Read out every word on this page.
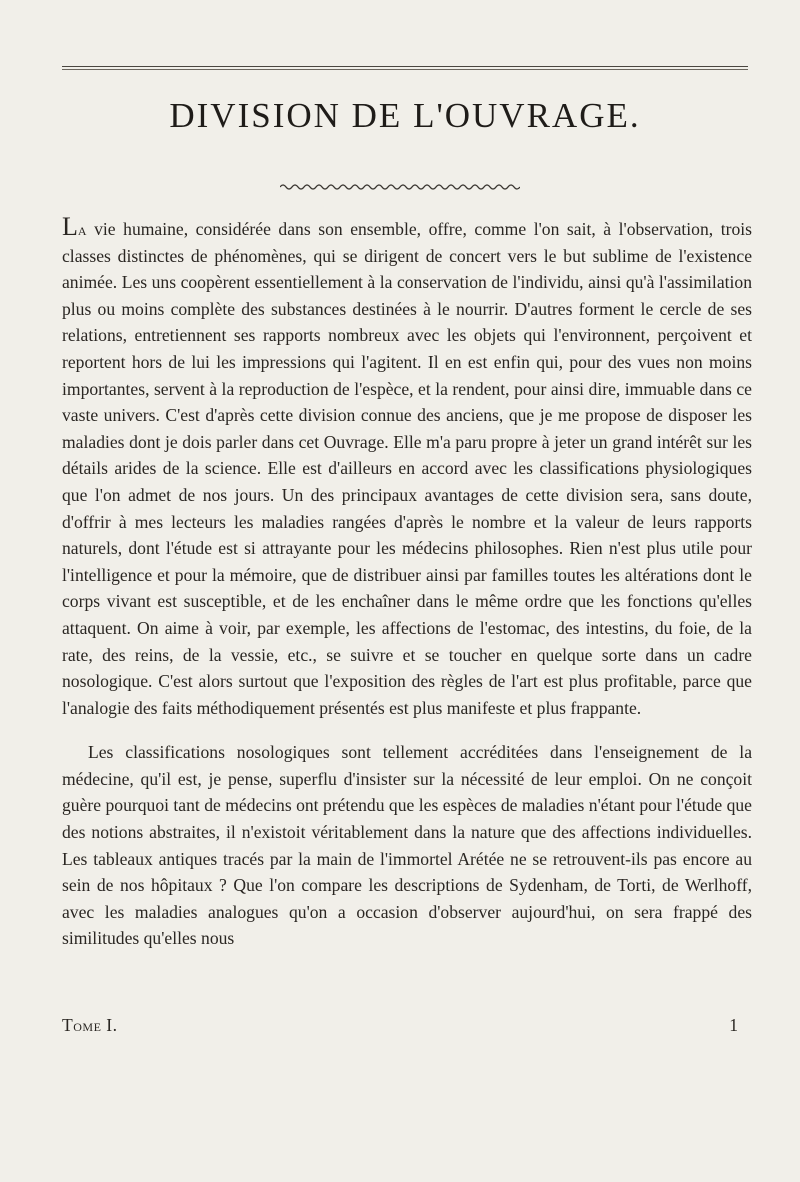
DIVISION DE L'OUVRAGE.

La vie humaine, considérée dans son ensemble, offre, comme l'on sait, à l'observation, trois classes distinctes de phénomènes, qui se dirigent de concert vers le but sublime de l'existence animée. Les uns coopèrent essentiellement à la conservation de l'individu, ainsi qu'à l'assimilation plus ou moins complète des substances destinées à le nourrir. D'autres forment le cercle de ses relations, entretiennent ses rapports nombreux avec les objets qui l'environnent, perçoivent et reportent hors de lui les impressions qui l'agitent. Il en est enfin qui, pour des vues non moins importantes, servent à la reproduction de l'espèce, et la rendent, pour ainsi dire, immuable dans ce vaste univers. C'est d'après cette division connue des anciens, que je me propose de disposer les maladies dont je dois parler dans cet Ouvrage. Elle m'a paru propre à jeter un grand intérêt sur les détails arides de la science. Elle est d'ailleurs en accord avec les classifications physiologiques que l'on admet de nos jours. Un des principaux avantages de cette division sera, sans doute, d'offrir à mes lecteurs les maladies rangées d'après le nombre et la valeur de leurs rapports naturels, dont l'étude est si attrayante pour les médecins philosophes. Rien n'est plus utile pour l'intelligence et pour la mémoire, que de distribuer ainsi par familles toutes les altérations dont le corps vivant est susceptible, et de les enchaîner dans le même ordre que les fonctions qu'elles attaquent. On aime à voir, par exemple, les affections de l'estomac, des intestins, du foie, de la rate, des reins, de la vessie, etc., se suivre et se toucher en quelque sorte dans un cadre nosologique. C'est alors surtout que l'exposition des règles de l'art est plus profitable, parce que l'analogie des faits méthodiquement présentés est plus manifeste et plus frappante.

Les classifications nosologiques sont tellement accréditées dans l'enseignement de la médecine, qu'il est, je pense, superflu d'insister sur la nécessité de leur emploi. On ne conçoit guère pourquoi tant de médecins ont prétendu que les espèces de maladies n'étant pour l'étude que des notions abstraites, il n'existoit véritablement dans la nature que des affections individuelles. Les tableaux antiques tracés par la main de l'immortel Arétée ne se retrouvent-ils pas encore au sein de nos hôpitaux ? Que l'on compare les descriptions de Sydenham, de Torti, de Werlhoff, avec les maladies analogues qu'on a occasion d'observer aujourd'hui, on sera frappé des similitudes qu'elles nous

Tome I.	1
